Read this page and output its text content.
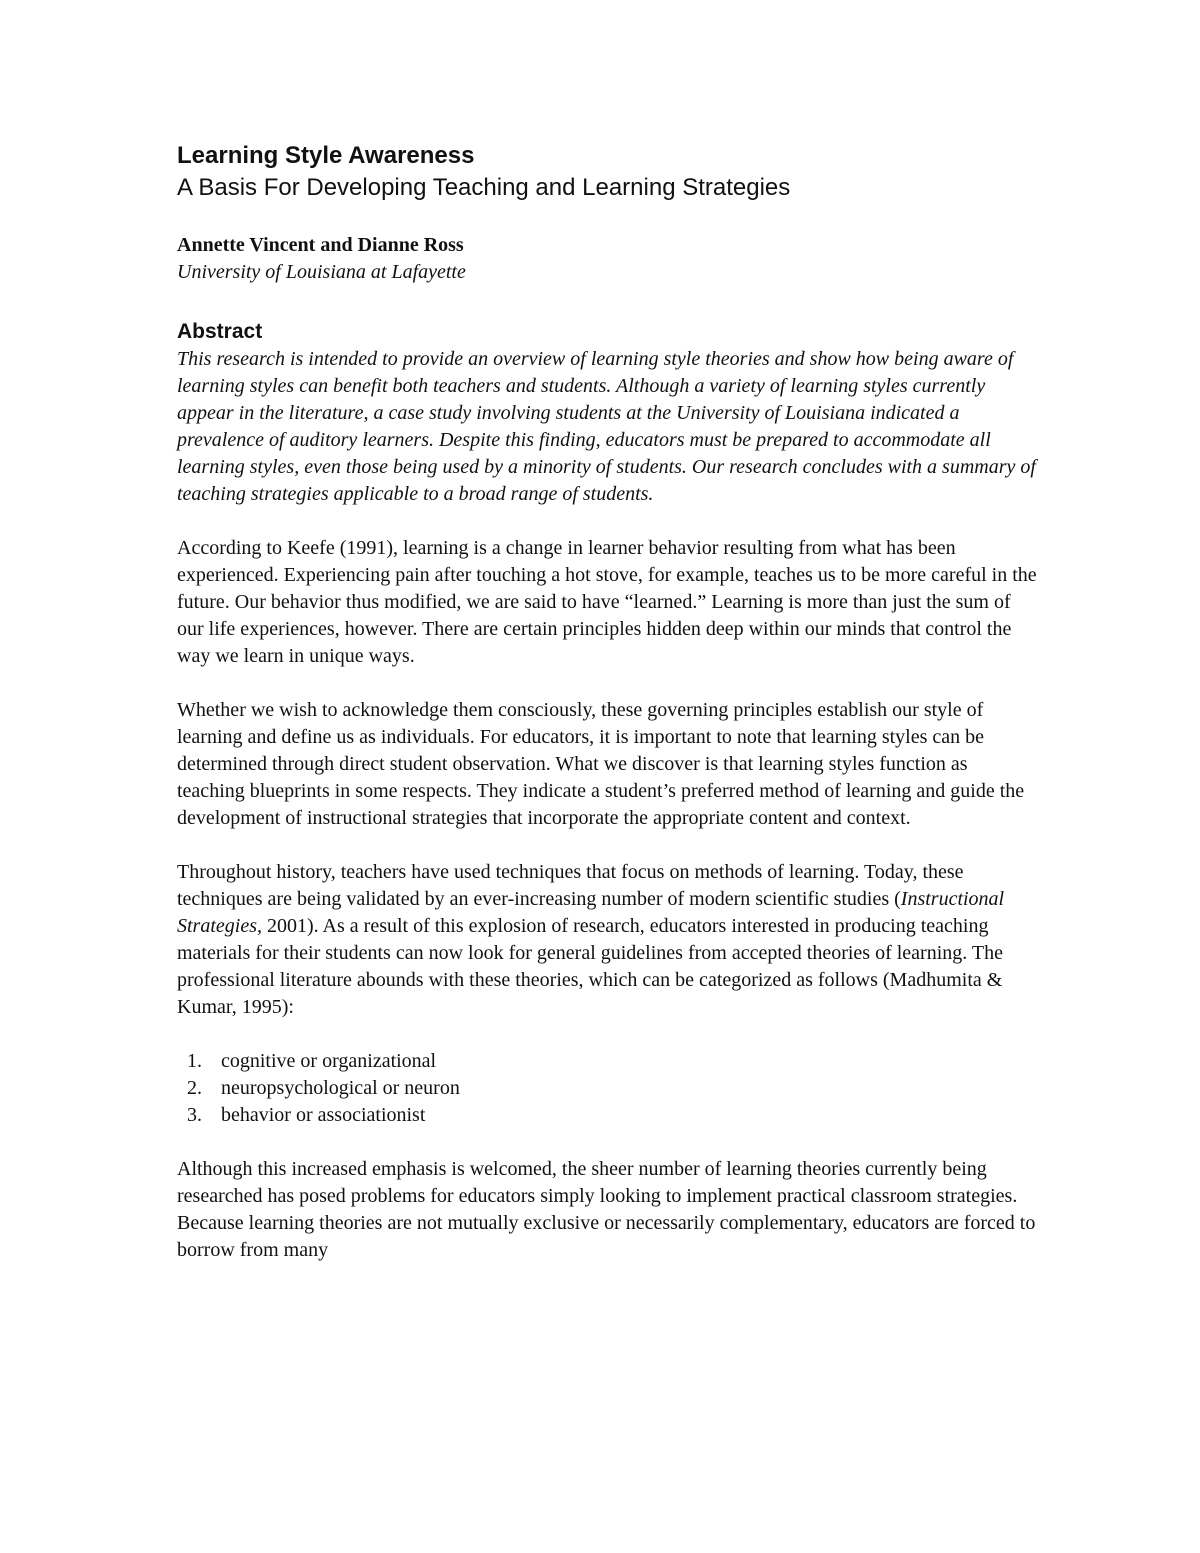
Learning Style Awareness
A Basis For Developing Teaching and Learning Strategies

Annette Vincent and Dianne Ross

University of Louisiana at Lafayette

Abstract

This research is intended to provide an overview of learning style theories and show how being aware of learning styles can benefit both teachers and students. Although a variety of learning styles currently appear in the literature, a case study involving students at the University of Louisiana indicated a prevalence of auditory learners. Despite this finding, educators must be prepared to accommodate all learning styles, even those being used by a minority of students. Our research concludes with a summary of teaching strategies applicable to a broad range of students.

According to Keefe (1991), learning is a change in learner behavior resulting from what has been experienced. Experiencing pain after touching a hot stove, for example, teaches us to be more careful in the future. Our behavior thus modified, we are said to have “learned.” Learning is more than just the sum of our life experiences, however. There are certain principles hidden deep within our minds that control the way we learn in unique ways.

Whether we wish to acknowledge them consciously, these governing principles establish our style of learning and define us as individuals. For educators, it is important to note that learning styles can be determined through direct student observation. What we discover is that learning styles function as teaching blueprints in some respects. They indicate a student’s preferred method of learning and guide the development of instructional strategies that incorporate the appropriate content and context.

Throughout history, teachers have used techniques that focus on methods of learning. Today, these techniques are being validated by an ever-increasing number of modern scientific studies (Instructional Strategies, 2001). As a result of this explosion of research, educators interested in producing teaching materials for their students can now look for general guidelines from accepted theories of learning. The professional literature abounds with these theories, which can be categorized as follows (Madhumita & Kumar, 1995):

1. cognitive or organizational
2. neuropsychological or neuron
3. behavior or associationist

Although this increased emphasis is welcomed, the sheer number of learning theories currently being researched has posed problems for educators simply looking to implement practical classroom strategies. Because learning theories are not mutually exclusive or necessarily complementary, educators are forced to borrow from many
